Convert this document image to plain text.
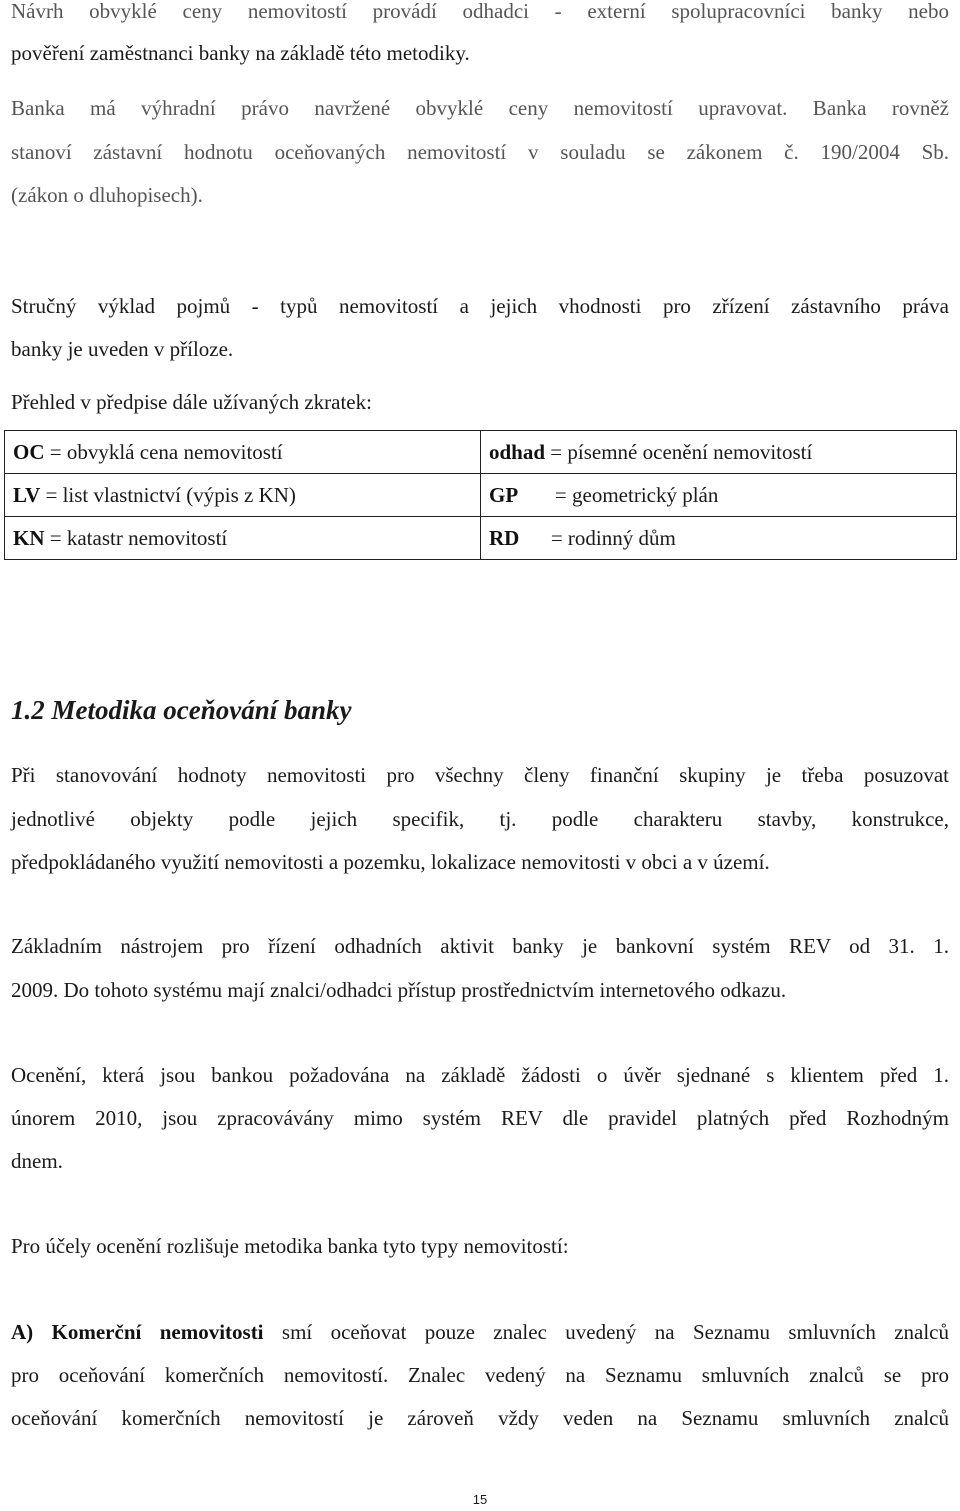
Návrh obvyklé ceny nemovitostí provádí odhadci - externí spolupracovníci banky nebo
pověření zaměstnanci banky na základě této metodiky.
Banka má výhradní právo navržené obvyklé ceny nemovitostí upravovat. Banka rovněž
stanoví zástavní hodnotu oceňovaných nemovitostí v souladu se zákonem č. 190/2004 Sb.
(zákon o dluhopisech).
Stručný výklad pojmů - typů nemovitostí a jejich vhodnosti pro zřízení zástavního práva
banky je uveden v příloze.
Přehled v předpise dále užívaných zkratek:
OC = obvyklá cena nemovitostí	odhad = písemné ocenění nemovitostí
LV = list vlastnictví (výpis z KN)	GP       = geometrický plán
KN = katastr nemovitostí	RD      = rodinný dům
1.2 Metodika oceňování banky
Při stanovování hodnoty nemovitosti pro všechny členy finanční skupiny je třeba posuzovat
jednotlivé objekty podle jejich specifik, tj. podle charakteru stavby, konstrukce,
předpokládaného využití nemovitosti a pozemku, lokalizace nemovitosti v obci a v území.
Základním nástrojem pro řízení odhadních aktivit banky je bankovní systém REV od 31. 1.
2009. Do tohoto systému mají znalci/odhadci přístup prostřednictvím internetového odkazu.
Ocenění, která jsou bankou požadována na základě žádosti o úvěr sjednané s klientem před 1.
únorem 2010, jsou zpracovávány mimo systém REV dle pravidel platných před Rozhodným
dnem.
Pro účely ocenění rozlišuje metodika banka tyto typy nemovitostí:
A) Komerční nemovitosti smí oceňovat pouze znalec uvedený na Seznamu smluvních znalců
pro oceňování komerčních nemovitostí. Znalec vedený na Seznamu smluvních znalců se pro
oceňování komerčních nemovitostí je zároveň vždy veden na Seznamu smluvních znalců
15
